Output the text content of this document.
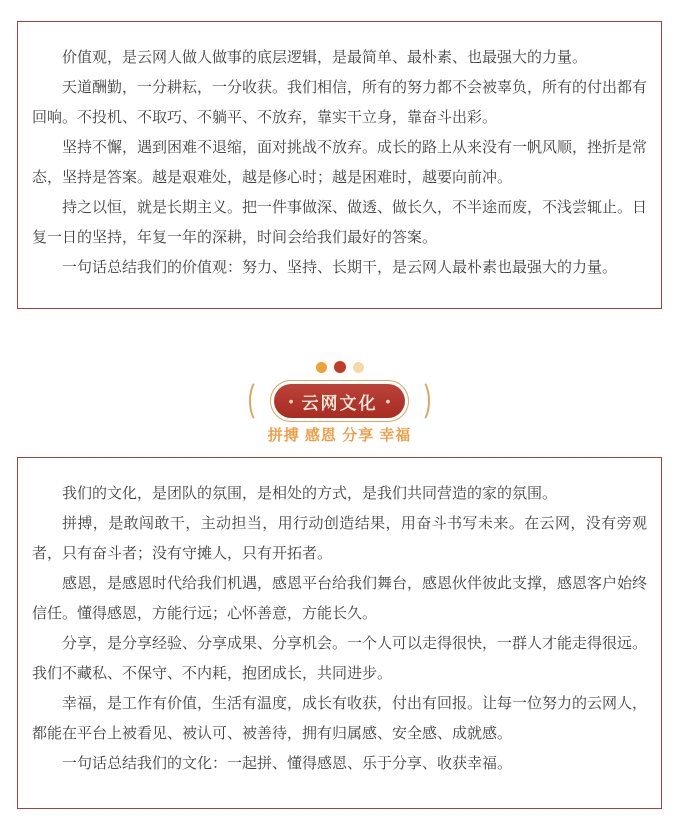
价值观，是云网人做人做事的底层逻辑，是最简单、最朴素、也最强大的力量。

天道酬勤，一分耕耘，一分收获。我们相信，所有的努力都不会被辜负，所有的付出都有回响。不投机、不取巧、不躺平、不放弃，靠实干立身，靠奋斗出彩。

坚持不懈，遇到困难不退缩，面对挑战不放弃。成长的路上从来没有一帆风顺，挫折是常态，坚持是答案。越是艰难处，越是修心时；越是困难时，越要向前冲。

持之以恒，就是长期主义。把一件事做深、做透、做长久，不半途而废，不浅尝辄止。日复一日的坚持，年复一年的深耕，时间会给我们最好的答案。

一句话总结我们的价值观：努力、坚持、长期干，是云网人最朴素也最强大的力量。

• 云网文化 •
拼搏 感恩 分享 幸福

我们的文化，是团队的氛围，是相处的方式，是我们共同营造的家的氛围。

拼搏，是敢闯敢干，主动担当，用行动创造结果，用奋斗书写未来。在云网，没有旁观者，只有奋斗者；没有守摊人，只有开拓者。

感恩，是感恩时代给我们机遇，感恩平台给我们舞台，感恩伙伴彼此支撑，感恩客户始终信任。懂得感恩，方能行远；心怀善意，方能长久。

分享，是分享经验、分享成果、分享机会。一个人可以走得很快，一群人才能走得很远。我们不藏私、不保守、不内耗，抱团成长，共同进步。

幸福，是工作有价值，生活有温度，成长有收获，付出有回报。让每一位努力的云网人，都能在平台上被看见、被认可、被善待，拥有归属感、安全感、成就感。

一句话总结我们的文化：一起拼、懂得感恩、乐于分享、收获幸福。
